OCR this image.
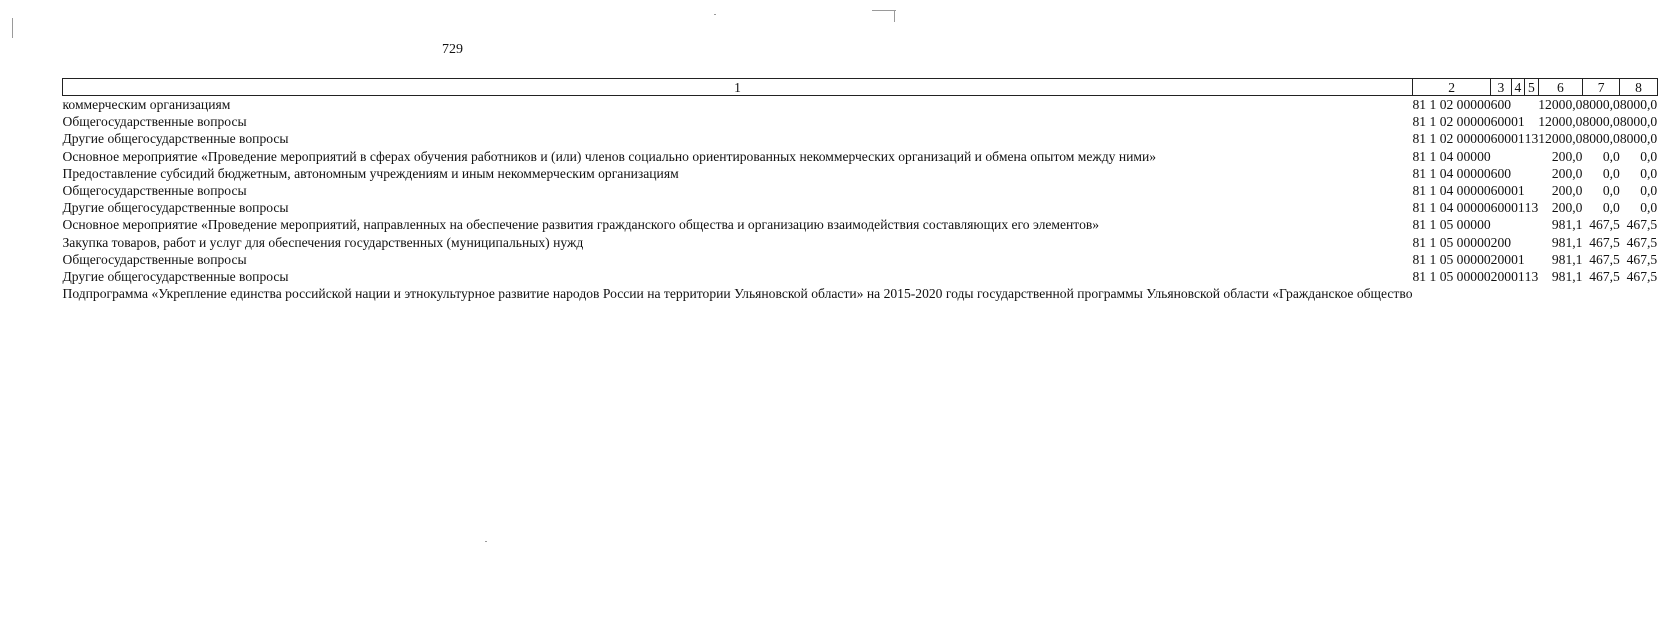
729
1	2	3	4	5	6	7	8
коммерческим организациям	81 1 02 00000	600			12000,0	8000,0	8000,0
Общегосударственные вопросы	81 1 02 00000	600	01		12000,0	8000,0	8000,0
Другие общегосударственные вопросы	81 1 02 00000	600	01	13	12000,0	8000,0	8000,0
Основное мероприятие «Проведение мероприятий в сферах обучения работников и (или) членов социально ориентированных некоммерческих организаций и обмена опытом между ними»	81 1 04 00000				200,0	0,0	0,0
Предоставление субсидий бюджетным, автономным учреждениям и иным некоммерческим организациям	81 1 04 00000	600			200,0	0,0	0,0
Общегосударственные вопросы	81 1 04 00000	600	01		200,0	0,0	0,0
Другие общегосударственные вопросы	81 1 04 00000	600	01	13	200,0	0,0	0,0
Основное мероприятие «Проведение мероприятий, направленных на обеспечение развития гражданского общества и организацию взаимодействия составляющих его элементов»	81 1 05 00000				981,1	467,5	467,5
Закупка товаров, работ и услуг для обеспечения государственных (муниципальных) нужд	81 1 05 00000	200			981,1	467,5	467,5
Общегосударственные вопросы	81 1 05 00000	200	01		981,1	467,5	467,5
Другие общегосударственные вопросы	81 1 05 00000	200	01	13	981,1	467,5	467,5
Подпрограмма «Укрепление единства российской нации и этнокультурное развитие народов России на территории Ульяновской области» на 2015-2020 годы государственной программы Ульяновской области «Гражданское общество							
